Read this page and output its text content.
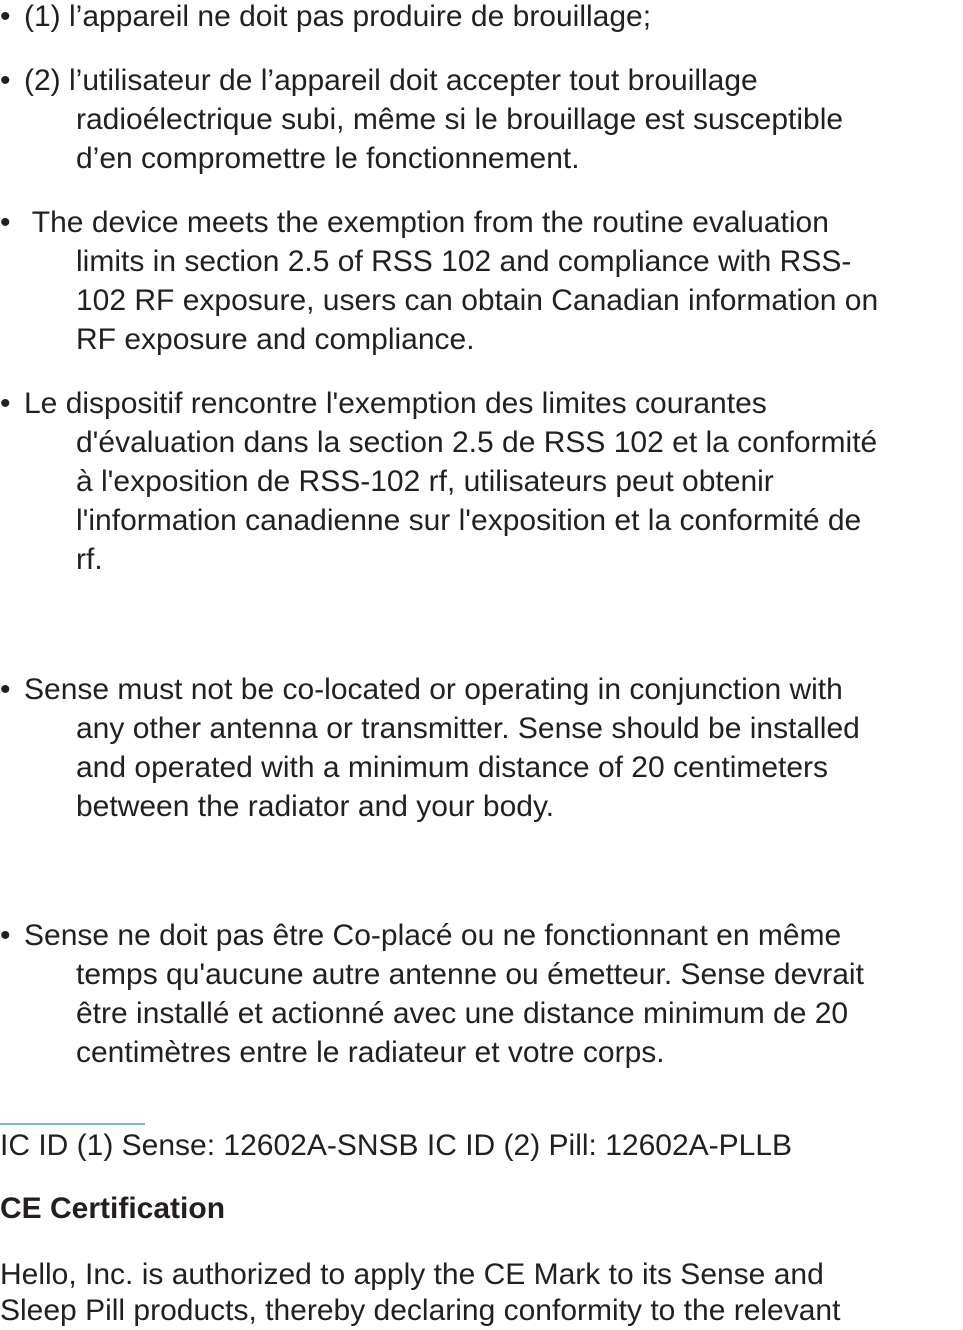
• (1) l’appareil ne doit pas produire de brouillage;
• (2) l’utilisateur de l’appareil doit accepter tout brouillage
radioélectrique subi, même si le brouillage est susceptible
d’en compromettre le fonctionnement.
• The device meets the exemption from the routine evaluation
limits in section 2.5 of RSS 102 and compliance with RSS-
102 RF exposure, users can obtain Canadian information on
RF exposure and compliance.
• Le dispositif rencontre l'exemption des limites courantes
d'évaluation dans la section 2.5 de RSS 102 et la conformité
à l'exposition de RSS-102 rf, utilisateurs peut obtenir
l'information canadienne sur l'exposition et la conformité de
rf.
• Sense must not be co-located or operating in conjunction with
any other antenna or transmitter. Sense should be installed
and operated with a minimum distance of 20 centimeters
between the radiator and your body.
• Sense ne doit pas être Co-placé ou ne fonctionnant en même
temps qu'aucune autre antenne ou émetteur. Sense devrait
être installé et actionné avec une distance minimum de 20
centimètres entre le radiateur et votre corps.
IC ID (1) Sense: 12602A-SNSB IC ID (2) Pill: 12602A-PLLB
CE Certification
Hello, Inc. is authorized to apply the CE Mark to its Sense and
Sleep Pill products, thereby declaring conformity to the relevant
